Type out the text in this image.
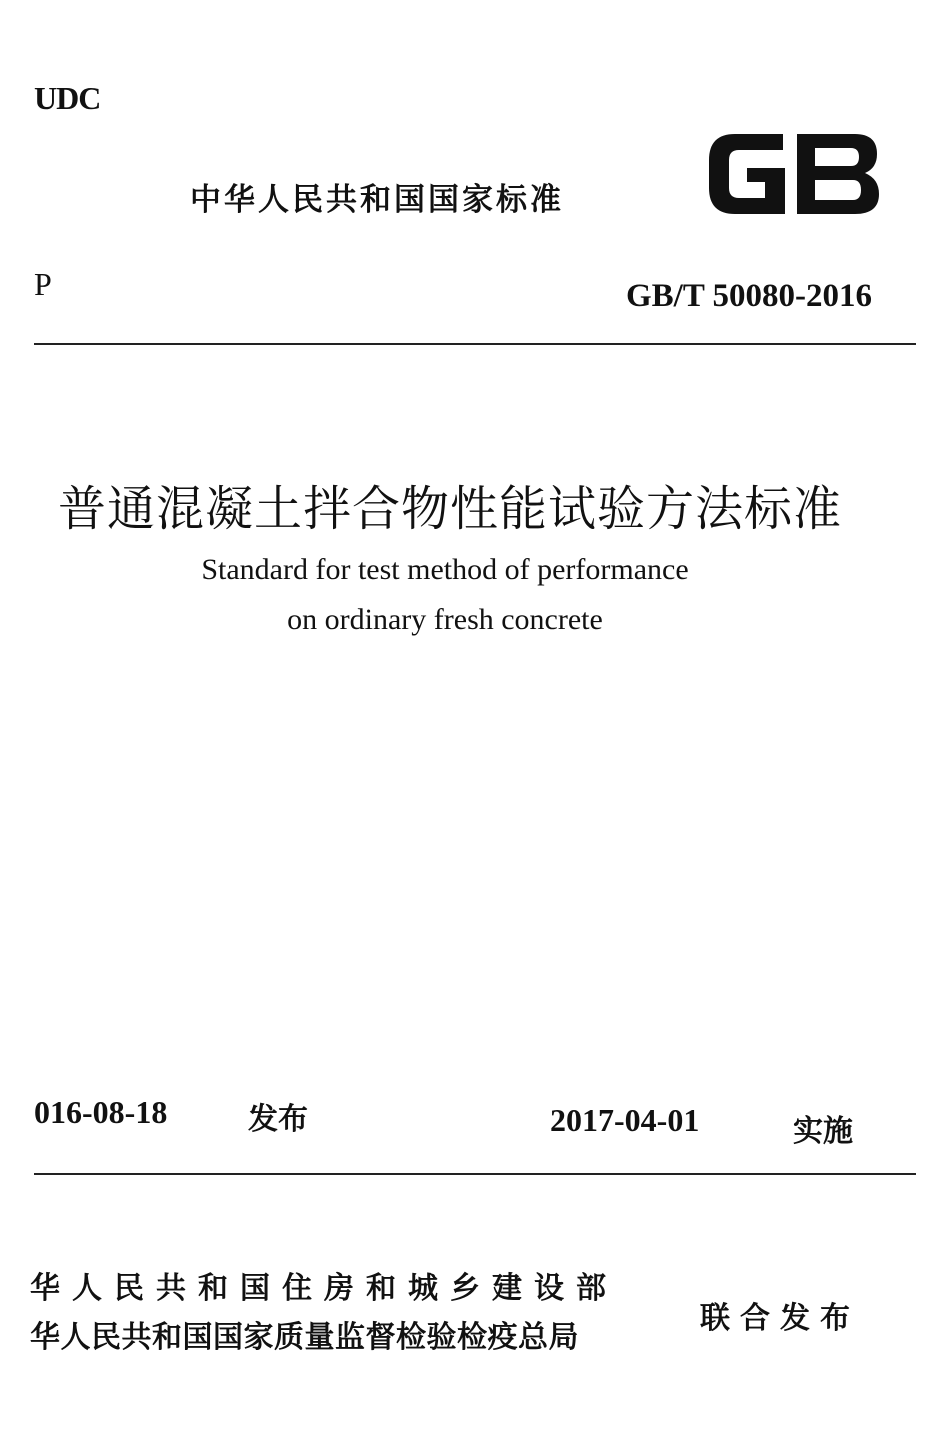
UDC
中华人民共和国国家标准
P	GB/T 50080-2016
普通混凝土拌合物性能试验方法标准
Standard for test method of performance
on ordinary fresh concrete
016-08-18	发布	2017-04-01	实施
华人民共和国住房和城乡建设部
华人民共和国国家质量监督检验检疫总局
联合发布
